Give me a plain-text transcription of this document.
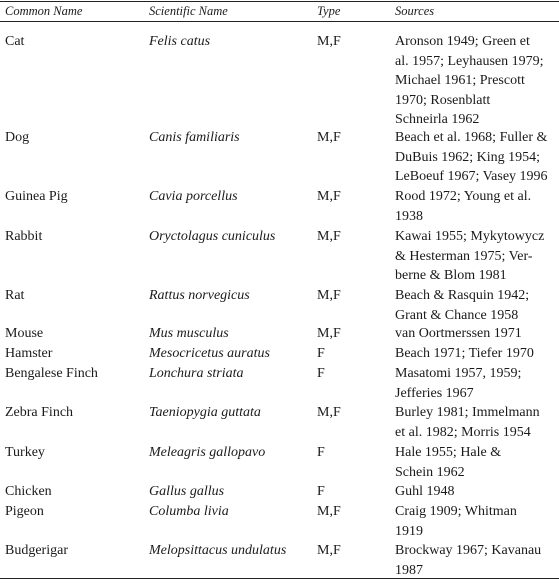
Common Name	Scientific Name	Type	Sources
Cat	Felis catus	M,F	Aronson 1949; Green et
al. 1957; Leyhausen 1979;
Michael 1961; Prescott
1970; Rosenblatt
Schneirla 1962
Dog	Canis familiaris	M,F	Beach et al. 1968; Fuller &
DuBuis 1962; King 1954;
LeBoeuf 1967; Vasey 1996
Guinea Pig	Cavia porcellus	M,F	Rood 1972; Young et al.
1938
Rabbit	Oryctolagus cuniculus	M,F	Kawai 1955; Mykytowycz
& Hesterman 1975; Ver-
berne & Blom 1981
Rat	Rattus norvegicus	M,F	Beach & Rasquin 1942;
Grant & Chance 1958
Mouse	Mus musculus	M,F	van Oortmerssen 1971
Hamster	Mesocricetus auratus	F	Beach 1971; Tiefer 1970
Bengalese Finch	Lonchura striata	F	Masatomi 1957, 1959;
Jefferies 1967
Zebra Finch	Taeniopygia guttata	M,F	Burley 1981; Immelmann
et al. 1982; Morris 1954
Turkey	Meleagris gallopavo	F	Hale 1955; Hale &
Schein 1962
Chicken	Gallus gallus	F	Guhl 1948
Pigeon	Columba livia	M,F	Craig 1909; Whitman
1919
Budgerigar	Melopsittacus undulatus M,F	Brockway 1967; Kavanau
1987
